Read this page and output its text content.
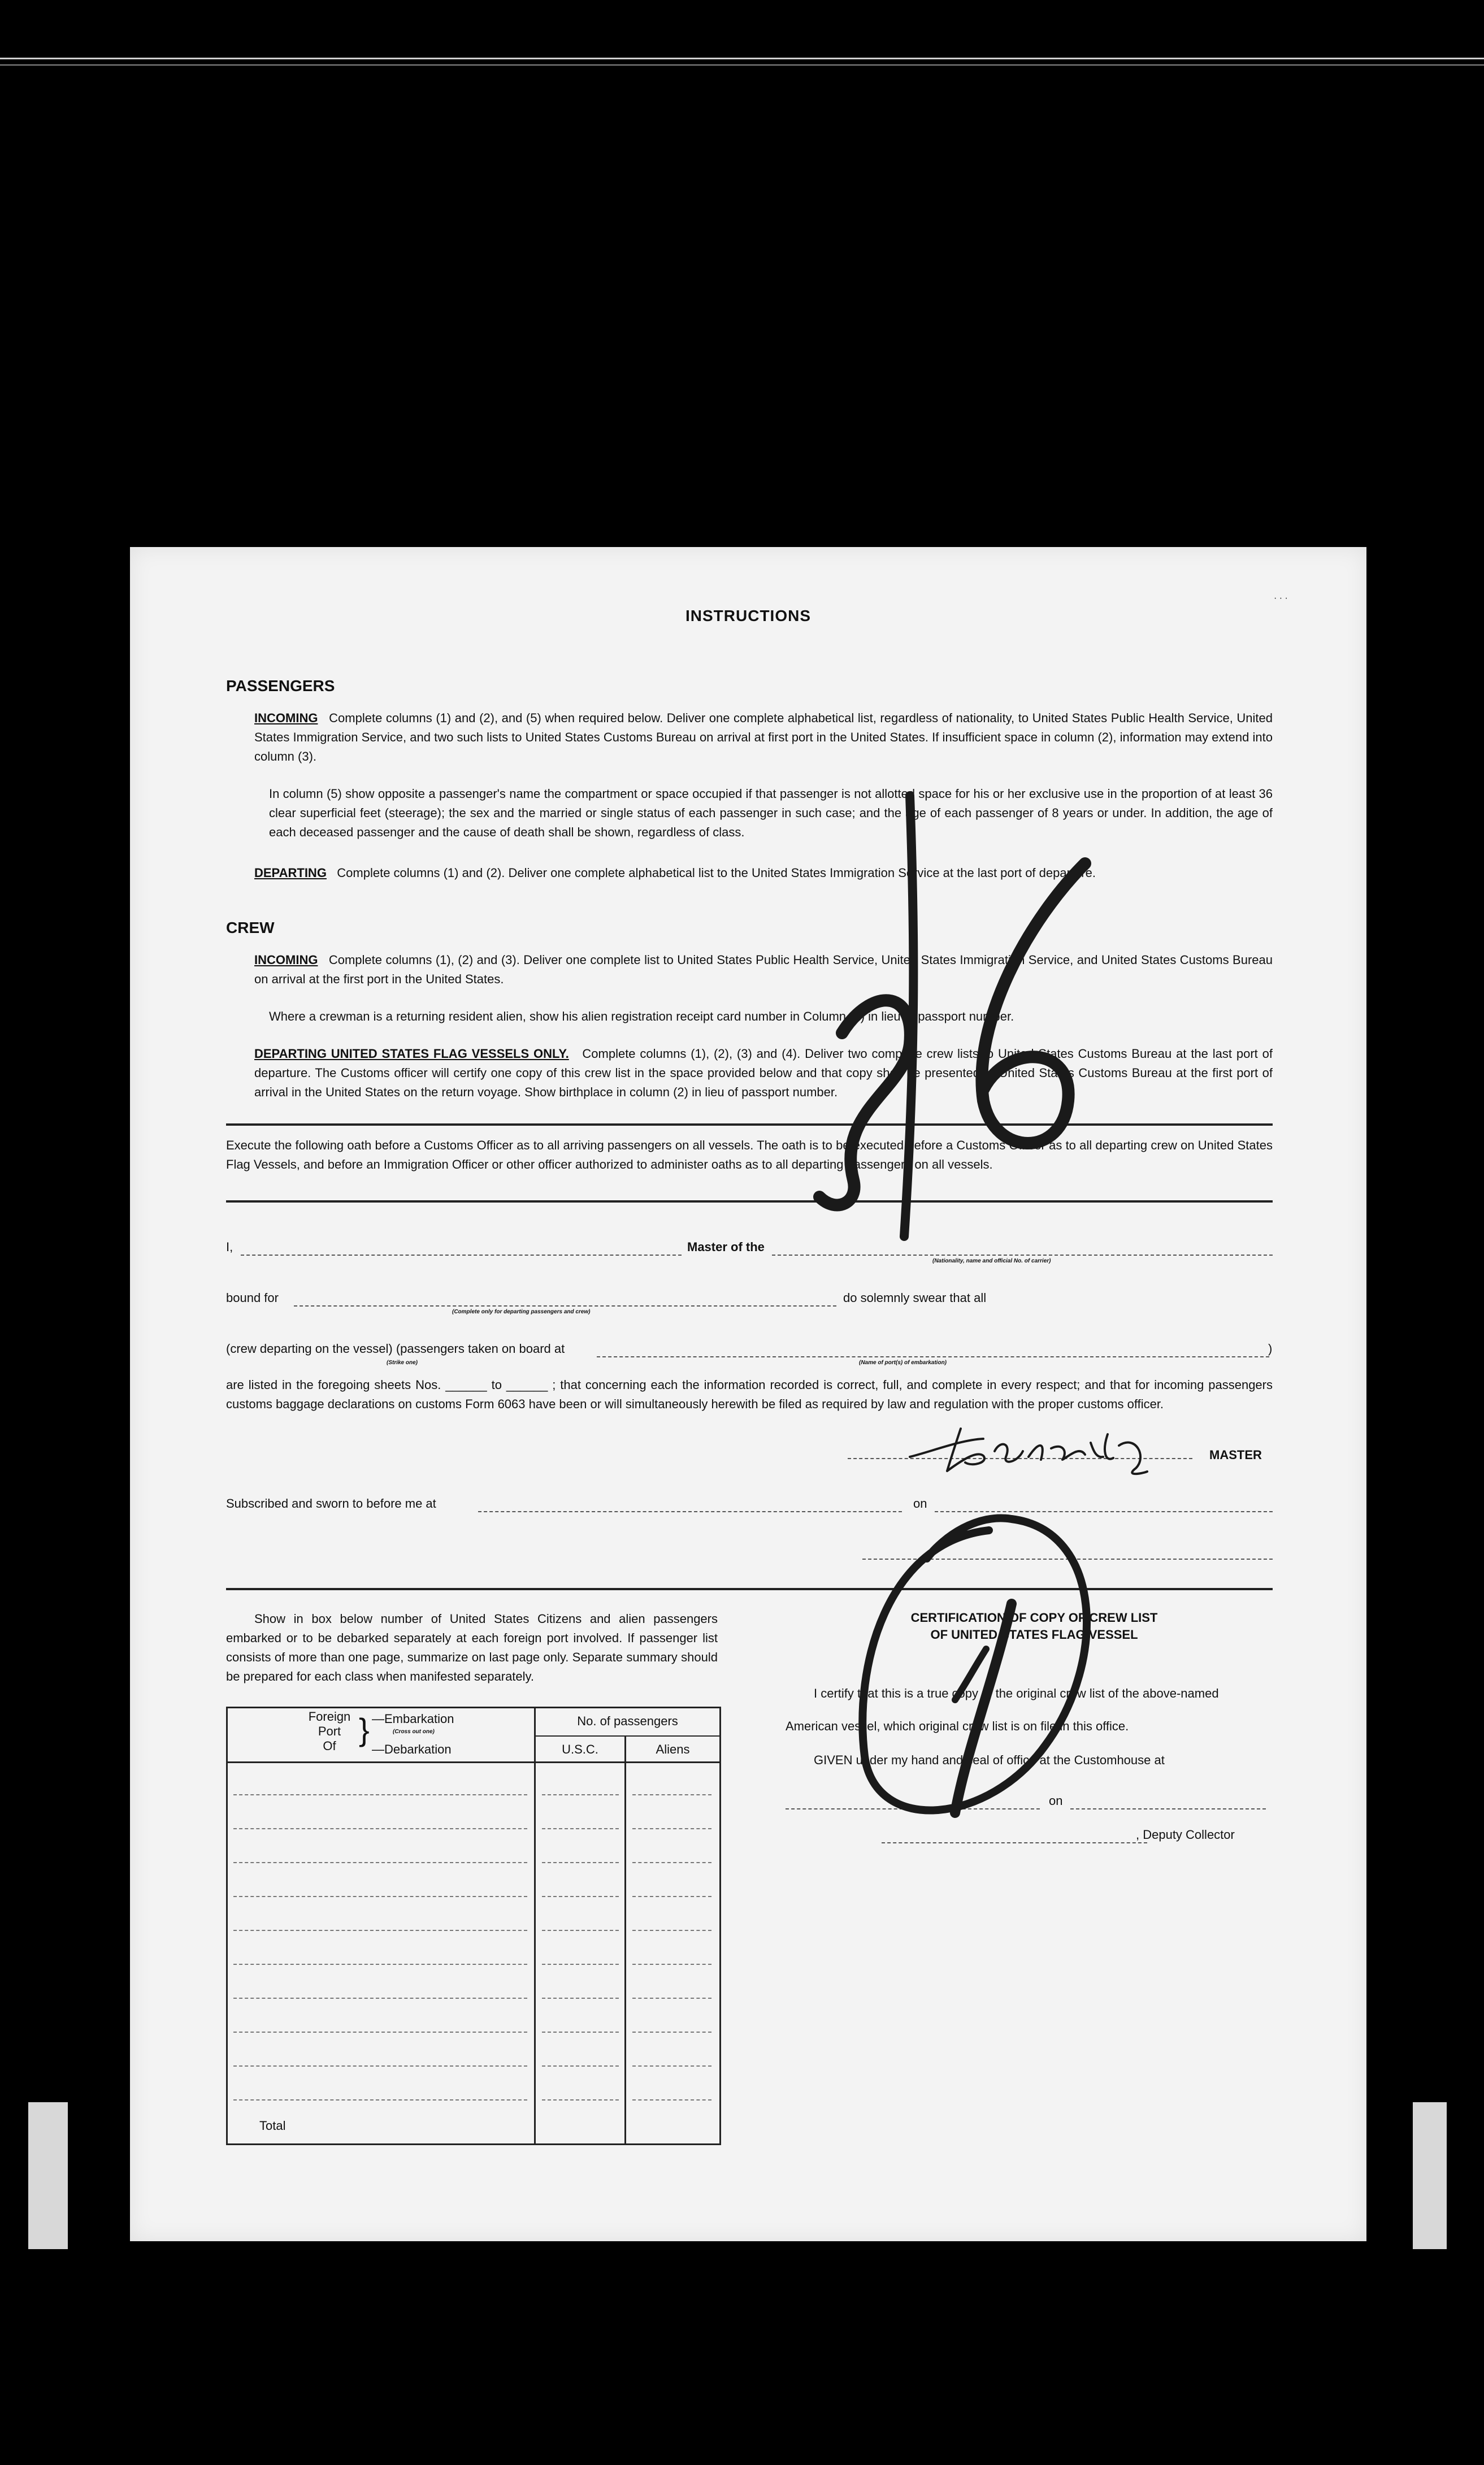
INSTRUCTIONS
PASSENGERS
INCOMING Complete columns (1) and (2), and (5) when required below. Deliver one complete alphabetical list, regardless of nationality, to United States Public Health Service, United States Immigration Service, and two such lists to United States Customs Bureau on arrival at first port in the United States. If insufficient space in column (2), information may extend into column (3).
In column (5) show opposite a passenger's name the compartment or space occupied if that passenger is not allotted space for his or her exclusive use in the proportion of at least 36 clear superficial feet (steerage); the sex and the married or single status of each passenger in such case; and the age of each passenger of 8 years or under. In addition, the age of each deceased passenger and the cause of death shall be shown, regardless of class.
DEPARTING Complete columns (1) and (2). Deliver one complete alphabetical list to the United States Immigration Service at the last port of departure.
CREW
INCOMING Complete columns (1), (2) and (3). Deliver one complete list to United States Public Health Service, United States Immigration Service, and United States Customs Bureau on arrival at the first port in the United States.
Where a crewman is a returning resident alien, show his alien registration receipt card number in Column (2) in lieu of passport number.
DEPARTING UNITED STATES FLAG VESSELS ONLY. Complete columns (1), (2), (3) and (4). Deliver two complete crew lists to United States Customs Bureau at the last port of departure. The Customs officer will certify one copy of this crew list in the space provided below and that copy shall be presented to United States Customs Bureau at the first port of arrival in the United States on the return voyage. Show birthplace in column (2) in lieu of passport number.
Execute the following oath before a Customs Officer as to all arriving passengers on all vessels. The oath is to be executed before a Customs Officer as to all departing crew on United States Flag Vessels, and before an Immigration Officer or other officer authorized to administer oaths as to all departing passengers on all vessels.
I,	Master of the
(Nationality, name and official No. of carrier)
bound for
(Complete only for departing passengers and crew)
do solemnly swear that all
(crew departing on the vessel) (passengers taken on board at	)
(Strike one)	(Name of port(s) of embarkation)
are listed in the foregoing sheets Nos. ______ to ______ ; that concerning each the information recorded is correct, full, and complete in every respect; and that for incoming passengers customs baggage declarations on customs Form 6063 have been or will simultaneously herewith be filed as required by law and regulation with the proper customs officer.
MASTER
Subscribed and sworn to before me at	on
Show in box below number of United States Citizens and alien passengers embarked or to be debarked separately at each foreign port involved. If passenger list consists of more than one page, summarize on last page only. Separate summary should be prepared for each class when manifested separately.
Foreign
Port
Of } —Embarkation
(Cross out one)
—Debarkation
No. of passengers
U.S.C.	Aliens
Total
CERTIFICATION OF COPY OF CREW LIST
OF UNITED STATES FLAG VESSEL
I certify that this is a true copy of the original crew list of the above-named
American vessel, which original crew list is on file in this office.
GIVEN under my hand and seal of office at the Customhouse at
on
, Deputy Collector
· · ·
